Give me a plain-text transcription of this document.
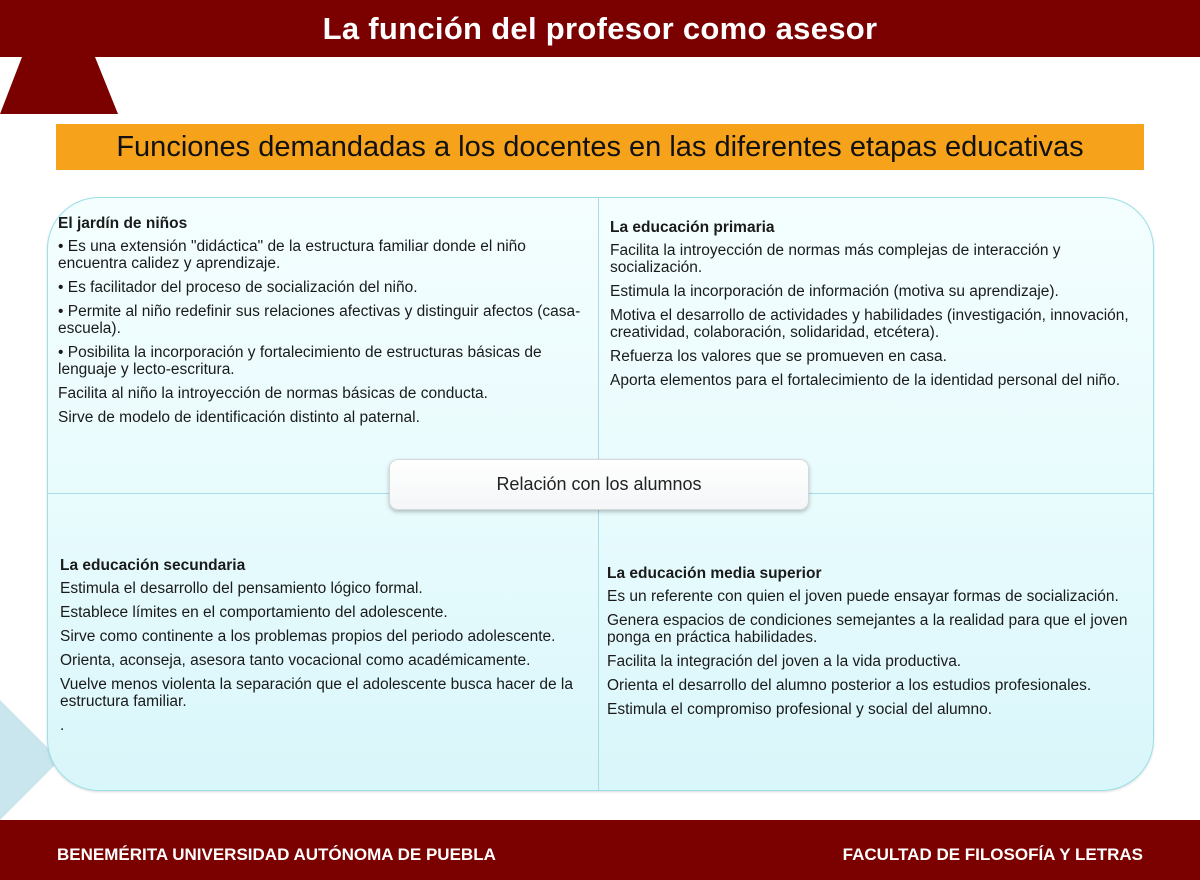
La función del profesor como asesor
Funciones demandadas a los docentes en las diferentes etapas educativas
El jardín de niños

• Es una extensión "didáctica" de la estructura familiar donde el niño encuentra calidez y aprendizaje.

• Es facilitador del proceso de socialización del niño.

• Permite al niño redefinir sus relaciones afectivas y distinguir afectos (casa-escuela).

• Posibilita la incorporación y fortalecimiento de estructuras básicas de lenguaje y lecto-escritura.

Facilita al niño la introyección de normas básicas de conducta.

Sirve de modelo de identificación distinto al paternal.

La educación primaria

Facilita la introyección de normas más complejas de interacción y socialización.

Estimula la incorporación de información (motiva su aprendizaje).

Motiva el desarrollo de actividades y habilidades (investigación, innovación, creatividad, colaboración, solidaridad, etcétera).

Refuerza los valores que se promueven en casa.

Aporta elementos para el fortalecimiento de la identidad personal del niño.

La educación secundaria

Estimula el desarrollo del pensamiento lógico formal.

Establece límites en el comportamiento del adolescente.

Sirve como continente a los problemas propios del periodo adolescente.

Orienta, aconseja, asesora tanto vocacional como académicamente.

Vuelve menos violenta la separación que el adolescente busca hacer de la estructura familiar.

.

La educación media superior

Es un referente con quien el joven puede ensayar formas de socialización.

Genera espacios de condiciones semejantes a la realidad para que el joven ponga en práctica habilidades.

Facilita la integración del joven a la vida productiva.

Orienta el desarrollo del alumno posterior a los estudios profesionales.

Estimula el compromiso profesional y social del alumno.

Relación con los alumnos
BENEMÉRITA UNIVERSIDAD AUTÓNOMA DE PUEBLA	FACULTAD DE FILOSOFÍA Y LETRAS
